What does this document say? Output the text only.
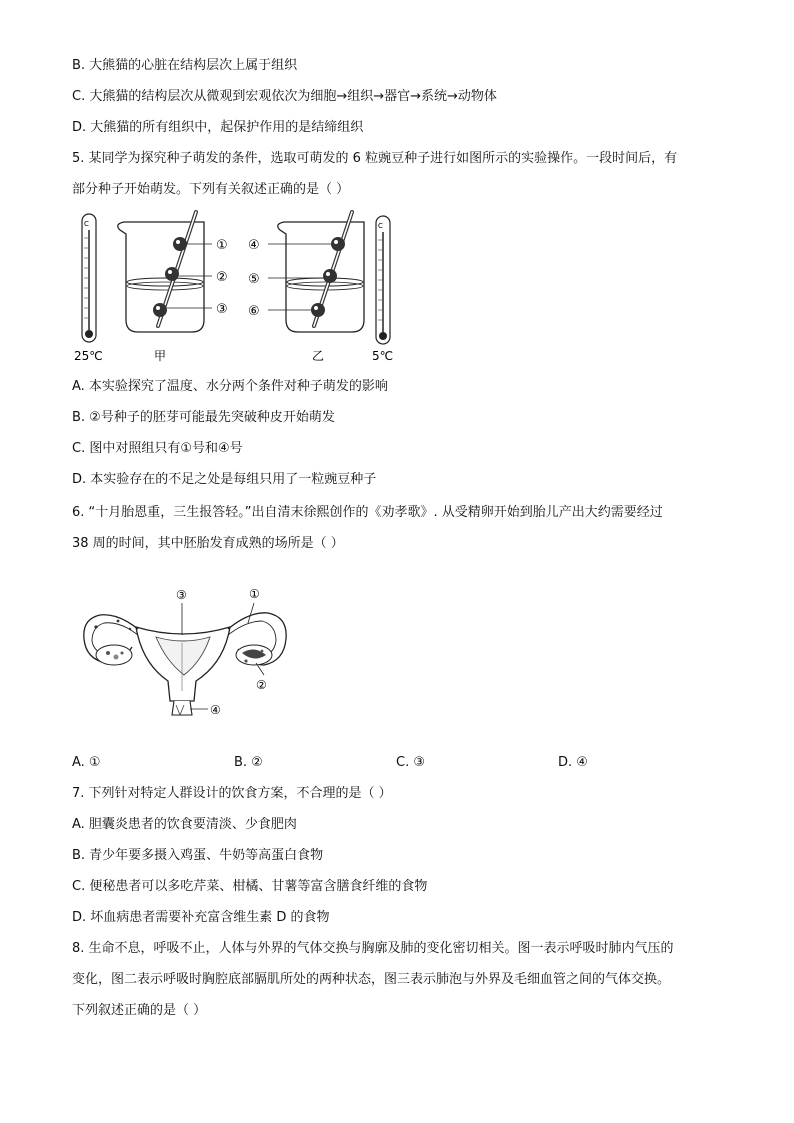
B. 大熊猫的心脏在结构层次上属于组织
C. 大熊猫的结构层次从微观到宏观依次为细胞→组织→器官→系统→动物体
D. 大熊猫的所有组织中，起保护作用的是结缔组织
5. 某同学为探究种子萌发的条件，选取可萌发的 6 粒豌豆种子进行如图所示的实验操作。一段时间后，有
部分种子开始萌发。下列有关叙述正确的是（ ）
C
25℃
①
②
③
甲
④
⑤
⑥
乙
C
5℃
A. 本实验探究了温度、水分两个条件对种子萌发的影响
B. ②号种子的胚芽可能最先突破种皮开始萌发
C. 图中对照组只有①号和④号
D. 本实验存在的不足之处是每组只用了一粒豌豆种子
6. “十月胎恩重，三生报答轻。”出自清末徐熙创作的《劝孝歌》. 从受精卵开始到胎儿产出大约需要经过
38 周的时间，其中胚胎发育成熟的场所是（ ）
③	①
②
④
A. ①	B. ②	C. ③	D. ④
7. 下列针对特定人群设计的饮食方案，不合理的是（ ）
A. 胆囊炎患者的饮食要清淡、少食肥肉
B. 青少年要多摄入鸡蛋、牛奶等高蛋白食物
C. 便秘患者可以多吃芹菜、柑橘、甘薯等富含膳食纤维的食物
D. 坏血病患者需要补充富含维生素 D 的食物
8. 生命不息，呼吸不止，人体与外界的气体交换与胸廓及肺的变化密切相关。图一表示呼吸时肺内气压的
变化，图二表示呼吸时胸腔底部膈肌所处的两种状态，图三表示肺泡与外界及毛细血管之间的气体交换。
下列叙述正确的是（ ）
